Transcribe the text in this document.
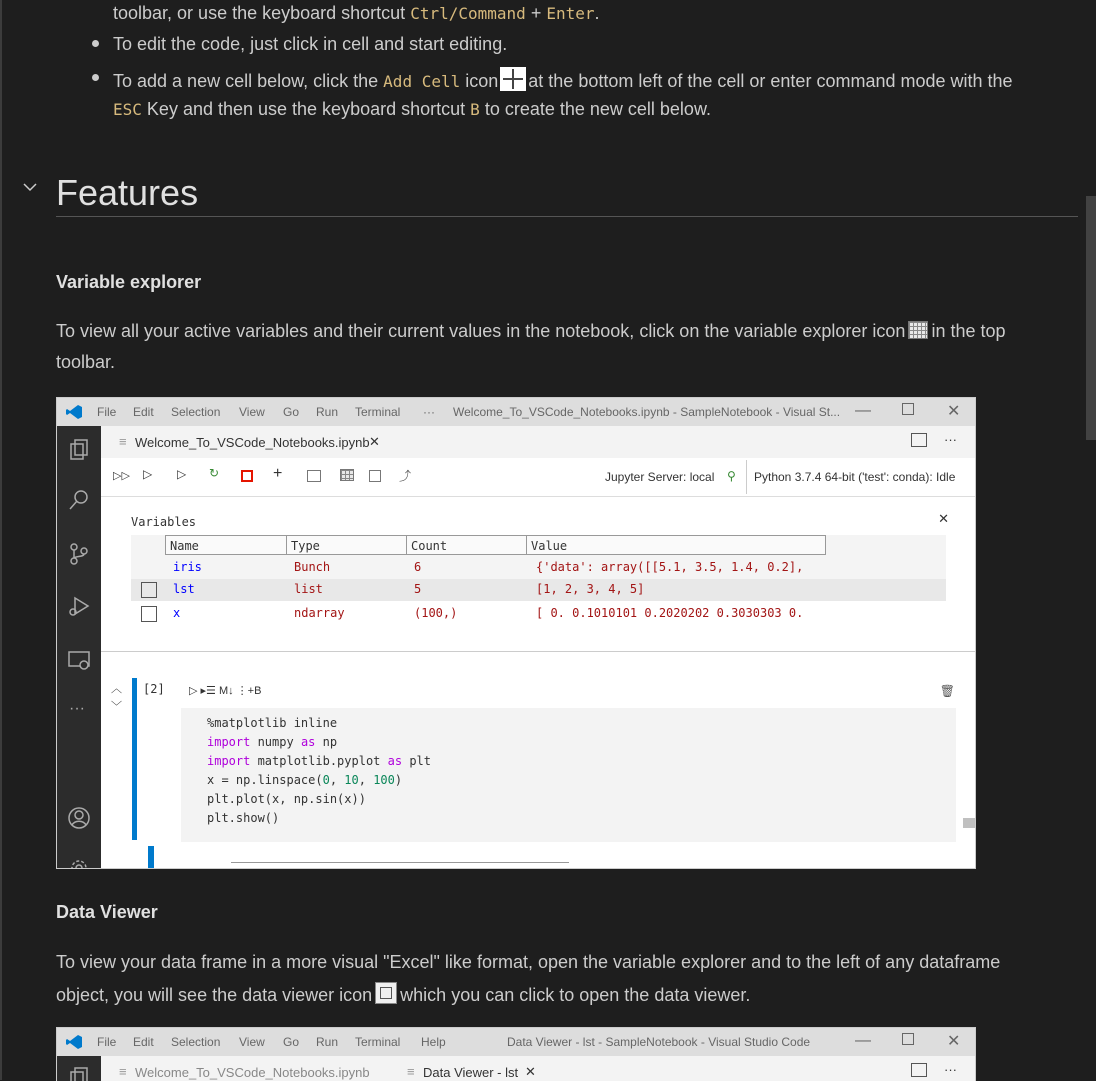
toolbar, or use the keyboard shortcut Ctrl/Command + Enter.
To edit the code, just click in cell and start editing.
To add a new cell below, click the Add Cell icon at the bottom left of the cell or enter command mode with the
ESC Key and then use the keyboard shortcut B to create the new cell below.
Features
Variable explorer
To view all your active variables and their current values in the notebook, click on the variable explorer icon in the top
toolbar.
File Edit Selection View Go Run Terminal ··· Welcome_To_VSCode_Notebooks.ipynb - SampleNotebook - Visual St... —	✕
···
≡ Welcome_To_VSCode_Notebooks.ipynb ✕	···
▷▷ ▷ ▷ ↻	+	⤴	Jupyter Server: local ⚲ Python 3.7.4 64-bit ('test': conda): Idle
Variables	✕
Name	Type	Count	Value
iris	Bunch	6	{'data': array([[5.1, 3.5, 1.4, 0.2],
lst	list	5	[1, 2, 3, 4, 5]
x	ndarray	(100,)	[ 0. 0.1010101 0.2020202 0.3030303 0.
︿
﹀
[2] ▷ ▸☰ M↓ ⋮+B	🗑
%matplotlib inline
import numpy as np
import matplotlib.pyplot as plt
x = np.linspace(0, 10, 100)
plt.plot(x, np.sin(x))
plt.show()
Data Viewer
To view your data frame in a more visual "Excel" like format, open the variable explorer and to the left of any dataframe
object, you will see the data viewer icon which you can click to open the data viewer.
File Edit Selection View Go Run Terminal Help	Data Viewer - lst - SampleNotebook - Visual Studio Code	—	✕
≡ Welcome_To_VSCode_Notebooks.ipynb	≡ Data Viewer - lst ✕	···
